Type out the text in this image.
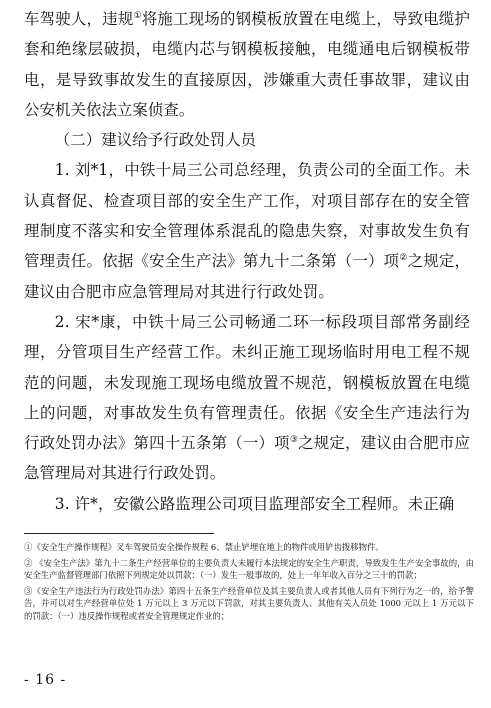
车驾驶人，违规①将施工现场的钢模板放置在电缆上，导致电缆护套和绝缘层破损，电缆内芯与钢模板接触，电缆通电后钢模板带电，是导致事故发生的直接原因，涉嫌重大责任事故罪，建议由公安机关依法立案侦查。

（二）建议给予行政处罚人员

1. 刘*1，中铁十局三公司总经理，负责公司的全面工作。未认真督促、检查项目部的安全生产工作，对项目部存在的安全管理制度不落实和安全管理体系混乱的隐患失察，对事故发生负有管理责任。依据《安全生产法》第九十二条第（一）项②之规定，建议由合肥市应急管理局对其进行行政处罚。

2. 宋*康，中铁十局三公司畅通二环一标段项目部常务副经理，分管项目生产经营工作。未纠正施工现场临时用电工程不规范的问题，未发现施工现场电缆放置不规范，钢模板放置在电缆上的问题，对事故发生负有管理责任。依据《安全生产违法行为行政处罚办法》第四十五条第（一）项③之规定，建议由合肥市应急管理局对其进行行政处罚。

3. 许*，安徽公路监理公司项目监理部安全工程师。未正确

①《安全生产操作规程》叉车驾驶员安全操作规程 6、禁止铲埋在地上的物件或用铲齿拨移物件。

② 《安全生产法》第九十二条生产经营单位的主要负责人未履行本法规定的安全生产职责，导致发生生产安全事故的，由安全生产监督管理部门依照下列规定处以罚款：（一）发生一般事故的，处上一年年收入百分之三十的罚款；

③《安全生产违法行为行政处罚办法》第四十五条生产经营单位及其主要负责人或者其他人员有下列行为之一的，给予警告，并可以对生产经营单位处 1 万元以上 3 万元以下罚款，对其主要负责人、其他有关人员处 1000 元以上 1 万元以下的罚款：（一）违反操作规程或者安全管理规定作业的；

- 16 -
